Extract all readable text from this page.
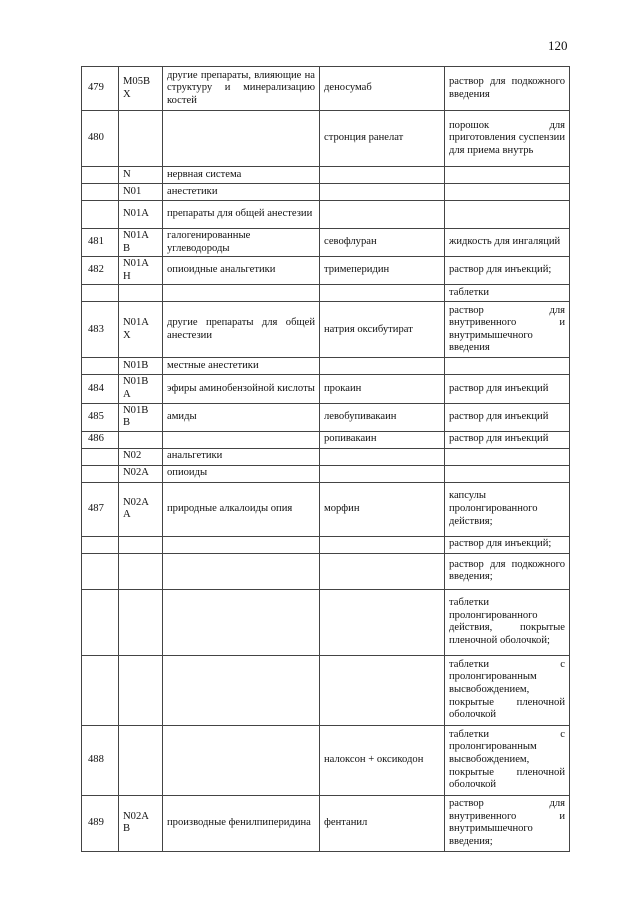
120
479	M05B X	другие препараты, влияющие на структуру и минерализацию костей	деносумаб	раствор для подкожного введения
480			стронция ранелат	порошок для приготовления суспензии для приема внутрь
	N	нервная система		
	N01	анестетики		
	N01A	препараты для общей анестезии		
481	N01A B	галогенированные углеводороды	севофлуран	жидкость для ингаляций
482	N01A H	опиоидные анальгетики	тримеперидин	раствор для инъекций;
				таблетки
483	N01A X	другие препараты для общей анестезии	натрия оксибутират	раствор для внутривенного и внутримышечного введения
	N01B	местные анестетики		
484	N01B A	эфиры аминобензойной кислоты	прокаин	раствор для инъекций
485	N01B B	амиды	левобупивакаин	раствор для инъекций
486			ропивакаин	раствор для инъекций
	N02	анальгетики		
	N02A	опиоиды		
487	N02A A	природные алкалоиды опия	морфин	капсулы пролонгированного действия;
				раствор для инъекций;
				раствор для подкожного введения;
				таблетки пролонгированного действия, покрытые пленочной оболочкой;
				таблетки с пролонгированным высвобождением, покрытые пленочной оболочкой
488			налоксон + оксикодон	таблетки с пролонгированным высвобождением, покрытые пленочной оболочкой
489	N02A B	производные фенилпиперидина	фентанил	раствор для внутривенного и внутримышечного введения;
